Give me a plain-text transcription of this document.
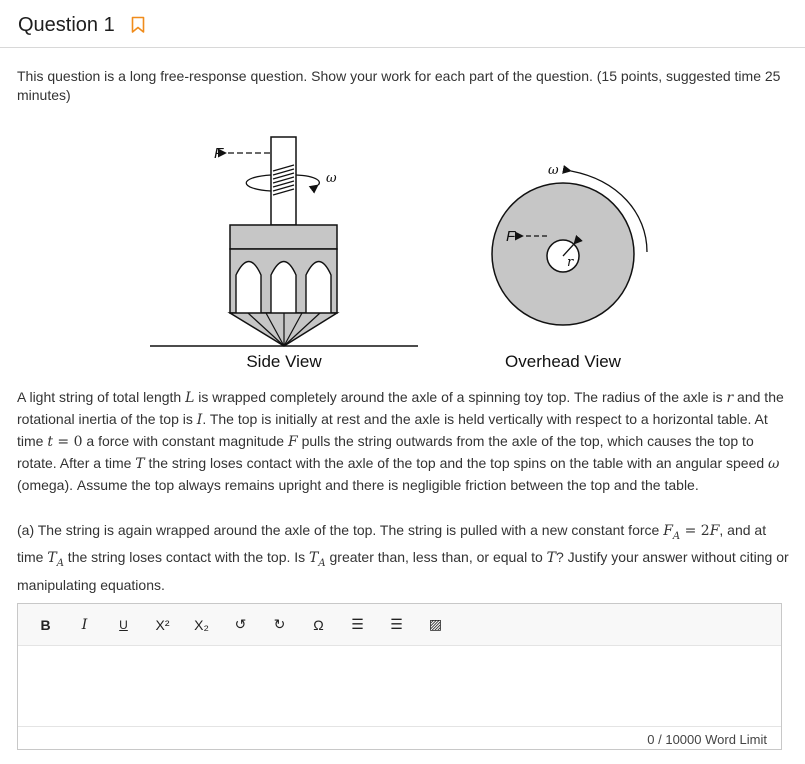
Question 1
This question is a long free-response question. Show your work for each part of the question. (15 points, suggested time 25 minutes)
ω
F
Side View
r
F
ω
Overhead View
A light string of total length L is wrapped completely around the axle of a spinning toy top. The radius of the axle is r and the rotational inertia of the top is I. The top is initially at rest and the axle is held vertically with respect to a horizontal table. At time t = 0 a force with constant magnitude F pulls the string outwards from the axle of the top, which causes the top to rotate. After a time T the string loses contact with the axle of the top and the top spins on the table with an angular speed ω (omega). Assume the top always remains upright and there is negligible friction between the top and the table.
(a) The string is again wrapped around the axle of the top. The string is pulled with a new constant force $F_A = 2F$, and at time $T_A$ the string loses contact with the top. Is $T_A$ greater than, less than, or equal to T? Justify your answer without citing or manipulating equations.
B	I	U	X²	X₂	↺	↻	Ω	☰	☰	▨
0
/ 10000 Word Limit
